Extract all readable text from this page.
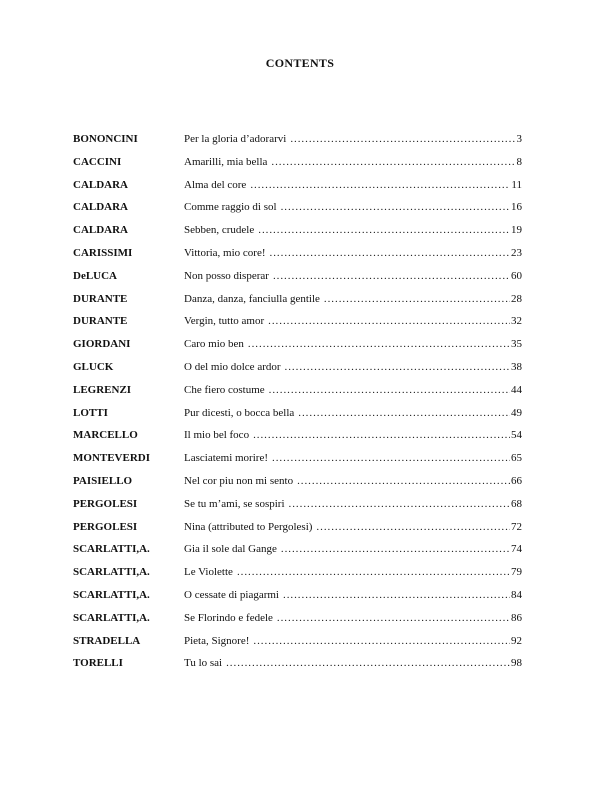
CONTENTS
BONONCINI	Per la gloria d’adorarvi . . .	3
CACCINI	Amarilli, mia bella . . .	8
CALDARA	Alma del core . . .	11
CALDARA	Comme raggio di sol . . .	16
CALDARA	Sebben, crudele . . .	19
CARISSIMI	Vittoria, mio core! . . .	23
DeLUCA	Non posso disperar . . .	60
DURANTE	Danza, danza, fanciulla gentile . . .	28
DURANTE	Vergin, tutto amor . . .	32
GIORDANI	Caro mio ben . . .	35
GLUCK	O del mio dolce ardor . . .	38
LEGRENZI	Che fiero costume . . .	44
LOTTI	Pur dicesti, o bocca bella . . .	49
MARCELLO	Il mio bel foco . . .	54
MONTEVERDI	Lasciatemi morire! . . .	65
PAISIELLO	Nel cor piu non mi sento . . .	66
PERGOLESI	Se tu m’ami, se sospiri . . .	68
PERGOLESI	Nina (attributed to Pergolesi) . . .	72
SCARLATTI,A.	Gia il sole dal Gange . . .	74
SCARLATTI,A.	Le Violette . . .	79
SCARLATTI,A.	O cessate di piagarmi . . .	84
SCARLATTI,A.	Se Florindo e fedele . . .	86
STRADELLA	Pieta, Signore! . . .	92
TORELLI	Tu lo sai . . .	98
